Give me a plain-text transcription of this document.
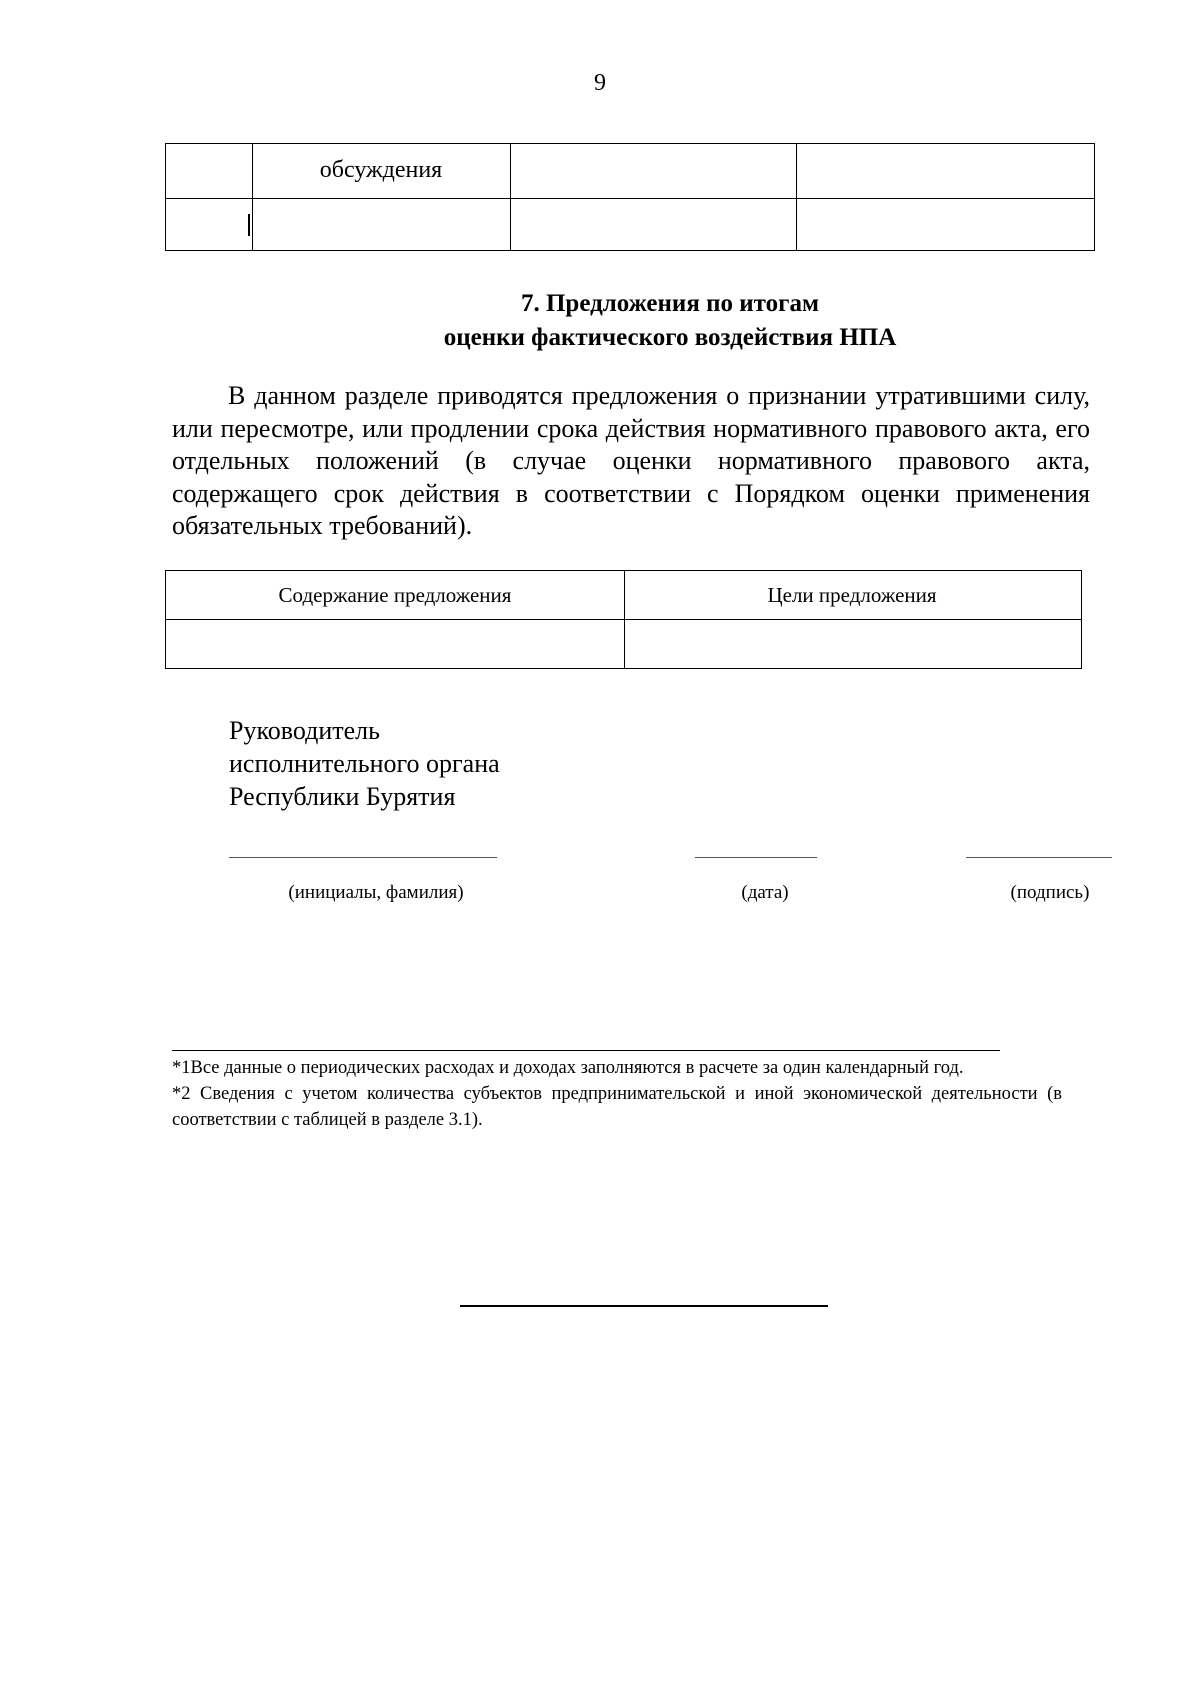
9
обсуждения
7. Предложения по итогам
оценки фактического воздействия НПА
В данном разделе приводятся предложения о признании утратившими силу, или пересмотре, или продлении срока действия нормативного правового акта, его отдельных положений (в случае оценки нормативного правового акта, содержащего срок действия в соответствии с Порядком оценки применения обязательных требований).
Содержание предложения	Цели предложения
Руководитель
исполнительного органа
Республики Бурятия
(инициалы, фамилия)	(дата)	(подпись)

*1Все данные о периодических расходах и доходах заполняются в расчете за один календарный год.

*2 Сведения с учетом количества субъектов предпринимательской и иной экономической деятельности (в соответствии с таблицей в разделе 3.1).
